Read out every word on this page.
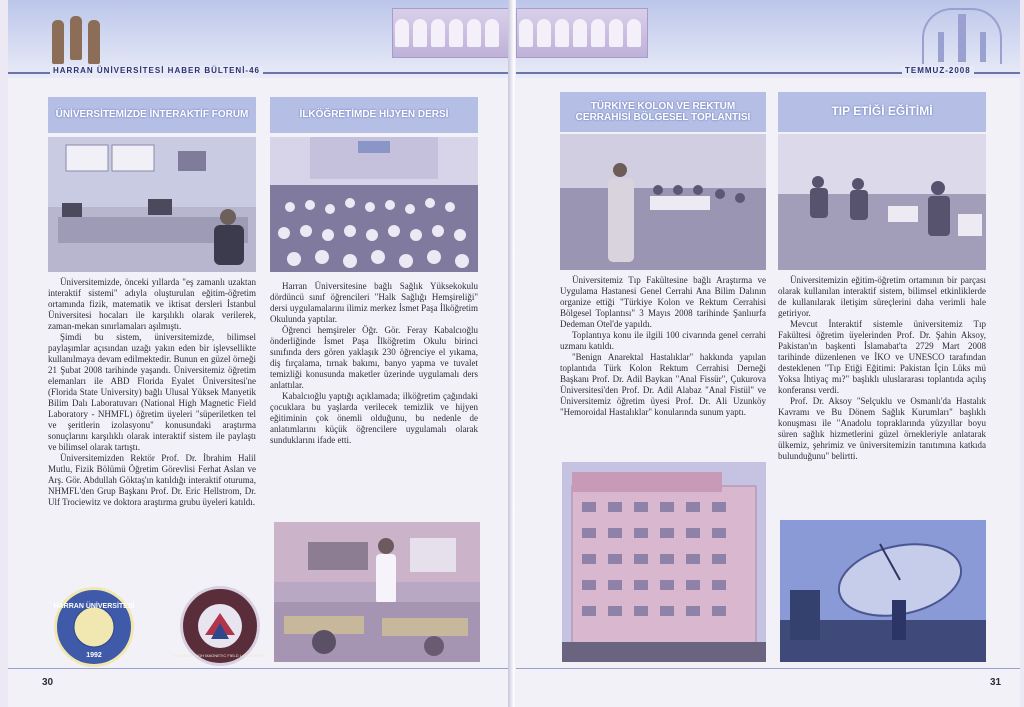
HARRAN ÜNİVERSİTESİ HABER BÜLTENİ-46
ÜNİVERSİTEMİZDE İNTERAKTİF FORUM

Üniversitemizde, önceki yıllarda "eş zamanlı uzaktan interaktif sistemi" adıyla oluşturulan eğitim-öğretim ortamında fizik, matematik ve iktisat dersleri İstanbul Üniversitesi hocaları ile karşılıklı olarak verilerek, zaman-mekan sınırlamaları aşılmıştı.

Şimdi bu sistem, üniversitemizde, bilimsel paylaşımlar açısından uzağı yakın eden bir işlevsellikte kullanılmaya devam edilmektedir. Bunun en güzel örneği 21 Şubat 2008 tarihinde yaşandı. Üniversitemiz öğretim elemanları ile ABD Florida Eyalet Üniversitesi'ne (Florida State University) bağlı Ulusal Yüksek Manyetik Bilim Dalı Laboratuvarı (National High Magnetic Field Laboratory - NHMFL) öğretim üyeleri "süperiletken tel ve şeritlerin izolasyonu" konusundaki araştırma sonuçlarını karşılıklı olarak interaktif sistem ile paylaştı ve bilimsel olarak tartıştı.

Üniversitemizden Rektör Prof. Dr. İbrahim Halil Mutlu, Fizik Bölümü Öğretim Görevlisi Ferhat Aslan ve Arş. Gör. Abdullah Göktaş'ın katıldığı interaktif oturuma, NHMFL'den Grup Başkanı Prof. Dr. Eric Hellstrom, Dr. Ulf Trociewitz ve doktora araştırma grubu üyeleri katıldı.

HARRAN ÜNİVERSİTESİ
1992	NATIONAL HIGH MAGNETIC FIELD LABORATORY
İLKÖĞRETİMDE HİJYEN DERSİ

Harran Üniversitesine bağlı Sağlık Yüksekokulu dördüncü sınıf öğrencileri "Halk Sağlığı Hemşireliği" dersi uygulamalarını ilimiz merkez İsmet Paşa İlköğretim Okulunda yaptılar.

Öğrenci hemşireler Öğr. Gör. Feray Kabalcıoğlu önderliğinde İsmet Paşa İlköğretim Okulu birinci sınıfında ders gören yaklaşık 230 öğrenciye el yıkama, diş fırçalama, tırnak bakımı, banyo yapma ve tuvalet temizliği konusunda maketler üzerinde uygulamalı ders anlattılar.

Kabalcıoğlu yaptığı açıklamada; ilköğretim çağındaki çocuklara bu yaşlarda verilecek temizlik ve hijyen eğitiminin çok önemli olduğunu, bu nedenle de anlatımlarını küçük öğrencilere uygulamalı olarak sunduklarını ifade etti.

30
TEMMUZ-2008
TÜRKİYE KOLON VE REKTUM CERRAHİSİ BÖLGESEL TOPLANTISI

Üniversitemiz Tıp Fakültesine bağlı Araştırma ve Uygulama Hastanesi Genel Cerrahi Ana Bilim Dalının organize ettiği "Türkiye Kolon ve Rektum Cerrahisi Bölgesel Toplantısı" 3 Mayıs 2008 tarihinde Şanlıurfa Dedeman Otel'de yapıldı.

Toplantıya konu ile ilgili 100 civarında genel cerrahi uzmanı katıldı.

"Benign Anarektal Hastalıklar" hakkında yapılan toplantıda Türk Kolon Rektum Cerrahisi Derneği Başkanı Prof. Dr. Adil Baykan "Anal Fissür", Çukurova Üniversitesi'den Prof. Dr. Adil Alabaz "Anal Fistül" ve Üniversitemiz öğretim üyesi Prof. Dr. Ali Uzunköy "Hemoroidal Hastalıklar" konularında sunum yaptı.

TIP ETİĞİ EĞİTİMİ

Üniversitemizin eğitim-öğretim ortamının bir parçası olarak kullanılan interaktif sistem, bilimsel etkinliklerde de kullanılarak iletişim süreçlerini daha verimli hale getiriyor.

Mevcut İnteraktif sistemle üniversitemiz Tıp Fakültesi öğretim üyelerinden Prof. Dr. Şahin Aksoy, Pakistan'ın başkenti İslamabat'ta 2729 Mart 2008 tarihinde düzenlenen ve İKO ve UNESCO tarafından desteklenen "Tıp Etiği Eğitimi: Pakistan İçin Lüks mü Yoksa İhtiyaç mı?" başlıklı uluslararası toplantıda açılış konferansı verdi.

Prof. Dr. Aksoy "Selçuklu ve Osmanlı'da Hastalık Kavramı ve Bu Dönem Sağlık Kurumları" başlıklı konuşması ile "Anadolu topraklarında yüzyıllar boyu süren sağlık hizmetlerini güzel örnekleriyle anlatarak ülkemiz, şehrimiz ve üniversitemizin tanıtımına katkıda bulunduğunu" belirtti.

31
